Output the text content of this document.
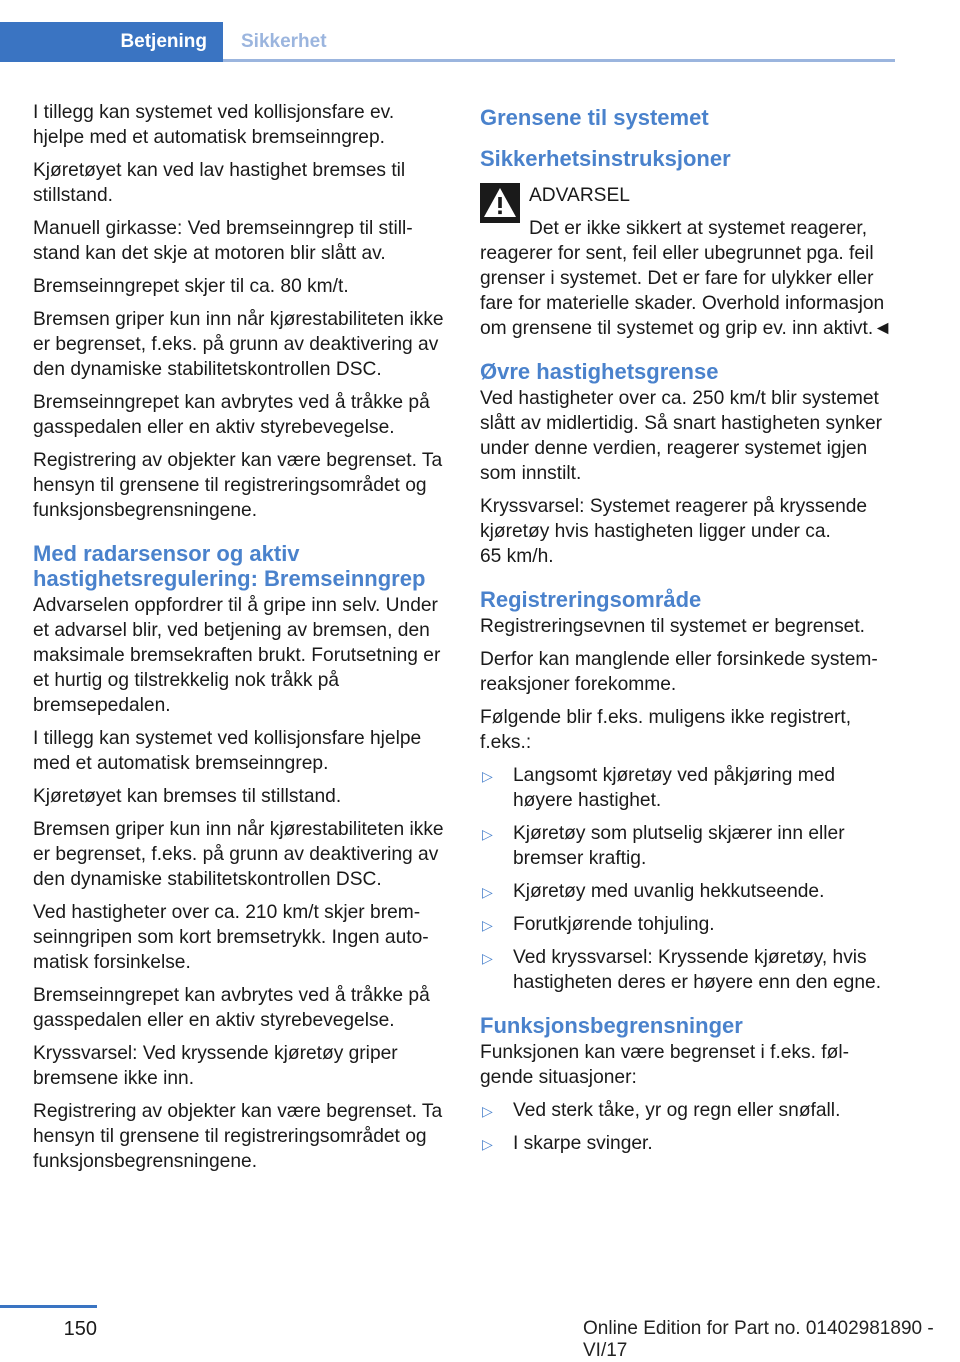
Betjening	Sikkerhet

I tillegg kan systemet ved kollisjonsfare ev. hjelpe med et automatisk bremseinngrep.

Kjøretøyet kan ved lav hastighet bremses til stillstand.

Manuell girkasse: Ved bremseinngrep til stillstand kan det skje at motoren blir slått av.

Bremseinngrepet skjer til ca. 80 km/t.

Bremsen griper kun inn når kjørestabiliteten ikke er begrenset, f.eks. på grunn av deaktivering av den dynamiske stabilitetskontrollen DSC.

Bremseinngrepet kan avbrytes ved å tråkke på gasspedalen eller en aktiv styrebevegelse.

Registrering av objekter kan være begrenset. Ta hensyn til grensene til registreringsområdet og funksjonsbegrensningene.

Med radarsensor og aktiv hastighetsregulering: Bremseinngrep

Advarselen oppfordrer til å gripe inn selv. Under et advarsel blir, ved betjening av bremsen, den maksimale bremsekraften brukt. Forutsetning er et hurtig og tilstrekkelig nok tråkk på bremsepedalen.

I tillegg kan systemet ved kollisjonsfare hjelpe med et automatisk bremseinngrep.

Kjøretøyet kan bremses til stillstand.

Bremsen griper kun inn når kjørestabiliteten ikke er begrenset, f.eks. på grunn av deaktivering av den dynamiske stabilitetskontrollen DSC.

Ved hastigheter over ca. 210 km/t skjer bremseinngripen som kort bremsetrykk. Ingen automatisk forsinkelse.

Bremseinngrepet kan avbrytes ved å tråkke på gasspedalen eller en aktiv styrebevegelse.

Kryssvarsel: Ved kryssende kjøretøy griper bremsene ikke inn.

Registrering av objekter kan være begrenset. Ta hensyn til grensene til registreringsområdet og funksjonsbegrensningene.

Grensene til systemet
Sikkerhetsinstruksjoner

ADVARSEL

Det er ikke sikkert at systemet reagerer, reagerer for sent, feil eller ubegrunnet pga. feil grenser i systemet. Det er fare for ulykker eller fare for materielle skader. Overhold informasjon om grensene til systemet og grip ev. inn aktivt.◄

Øvre hastighetsgrense

Ved hastigheter over ca. 250 km/t blir systemet slått av midlertidig. Så snart hastigheten synker under denne verdien, reagerer systemet igjen som innstilt.

Kryssvarsel: Systemet reagerer på kryssende kjøretøy hvis hastigheten ligger under ca.
65 km/h.

Registreringsområde

Registreringsevnen til systemet er begrenset.

Derfor kan manglende eller forsinkede systemreaksjoner forekomme.

Følgende blir f.eks. muligens ikke registrert, f.eks.:

▷ Langsomt kjøretøy ved påkjøring med høyere hastighet.
▷ Kjøretøy som plutselig skjærer inn eller bremser kraftig.
▷ Kjøretøy med uvanlig hekkutseende.
▷ Forutkjørende tohjuling.
▷ Ved kryssvarsel: Kryssende kjøretøy, hvis hastigheten deres er høyere enn den egne.
Funksjonsbegrensninger

Funksjonen kan være begrenset i f.eks. følgende situasjoner:

▷ Ved sterk tåke, yr og regn eller snøfall.
▷ I skarpe svinger.
150	Online Edition for Part no. 01402981890 - VI/17
